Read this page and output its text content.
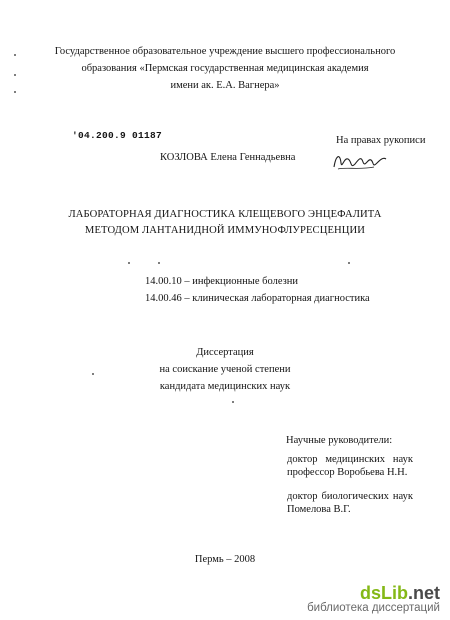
Государственное образовательное учреждение высшего профессионального
образования «Пермская государственная медицинская академия
имени ак. Е.А. Вагнера»
'04.200.9 01187	На правах рукописи
КОЗЛОВА Елена Геннадьевна
ЛАБОРАТОРНАЯ ДИАГНОСТИКА КЛЕЩЕВОГО ЭНЦЕФАЛИТА
МЕТОДОМ ЛАНТАНИДНОЙ ИММУНОФЛУРЕСЦЕНЦИИ
14.00.10 – инфекционные болезни
14.00.46 – клиническая лабораторная диагностика
Диссертация
на соискание ученой степени
кандидата медицинских наук
Научные руководители:
доктор медицинских наук
профессор Воробьева Н.Н.
доктор биологических наук
Помелова В.Г.
Пермь – 2008
dsLib.net
библиотека диссертаций
